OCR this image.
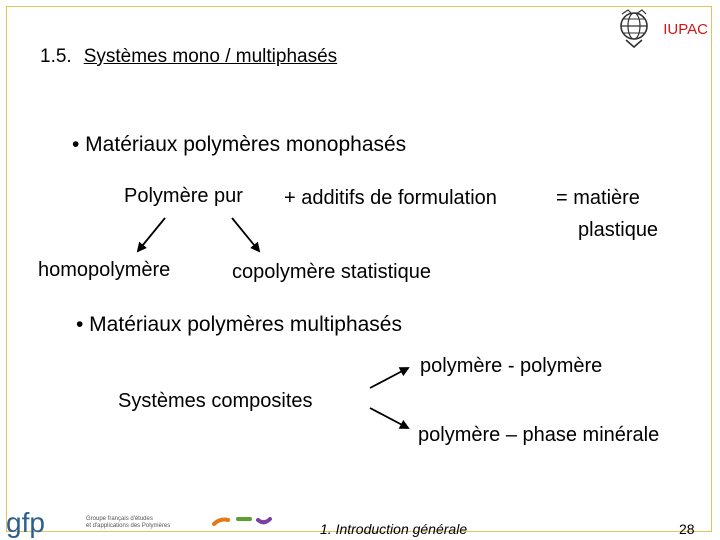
IUPAC
1.5. Systèmes mono / multiphasés
• Matériaux polymères monophasés
Polymère pur + additifs de formulation	= matière
plastique
homopolymère	copolymère statistique
• Matériaux polymères multiphasés
polymère - polymère
Systèmes composites
polymère – phase minérale
gfp	Groupe français d'études
et d'applications des Polymères	1. Introduction générale	28
